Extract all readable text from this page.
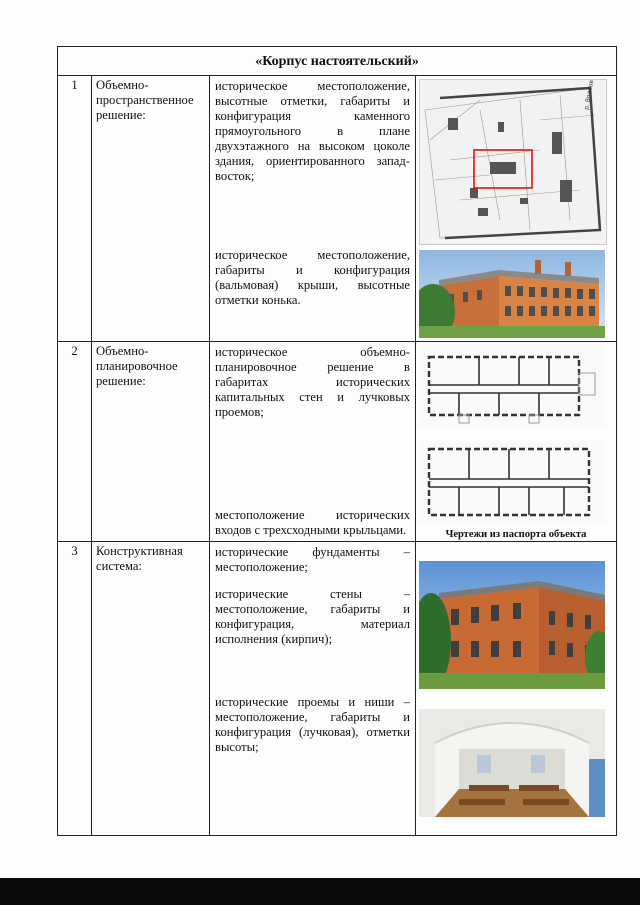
«Корпус настоятельский»			
1	Объемно-пространственное решение:	историческое местоположение, высотные отметки, габариты и конфигурация каменного прямоугольного в плане двухэтажного на высоком цоколе здания, ориентированного запад-восток;

историческое местоположение, габариты и конфигурация (вальмовая) крыши, высотные отметки конька.	р. Волхов

2	Объемно-планировочное решение:	историческое объемно-планировочное решение в габаритах исторических капитальных стен и лучковых проемов;

местоположение исторических входов с трехсходными крыльцами.	Чертежи из паспорта объекта

3	Конструктивная система:	исторические фундаменты – местоположение;

исторические стены – местоположение, габариты и конфигурация, материал исполнения (кирпич);

исторические проемы и ниши – местоположение, габариты и конфигурация (лучковая), отметки высоты;
